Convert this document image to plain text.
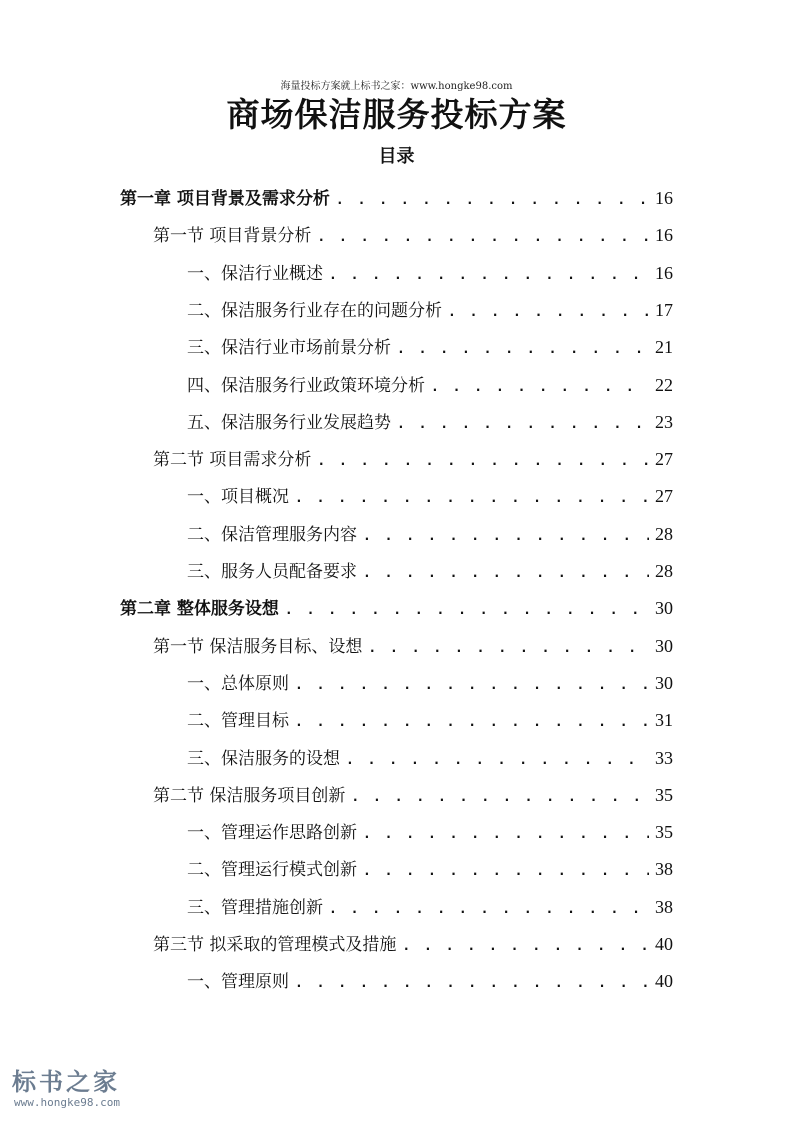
海量投标方案就上标书之家：www.hongke98.com
商场保洁服务投标方案
目录
第一章 项目背景及需求分析 . . .	16
第一节 项目背景分析 . . .	16
一、保洁行业概述 . . .	16
二、保洁服务行业存在的问题分析 . . .	17
三、保洁行业市场前景分析 . . .	21
四、保洁服务行业政策环境分析 . . .	22
五、保洁服务行业发展趋势 . . .	23
第二节 项目需求分析 . . .	27
一、项目概况 . . .	27
二、保洁管理服务内容 . . .	28
三、服务人员配备要求 . . .	28
第二章 整体服务设想 . . .	30
第一节 保洁服务目标、设想 . . .	30
一、总体原则 . . .	30
二、管理目标 . . .	31
三、保洁服务的设想 . . .	33
第二节 保洁服务项目创新 . . .	35
一、管理运作思路创新 . . .	35
二、管理运行模式创新 . . .	38
三、管理措施创新 . . .	38
第三节 拟采取的管理模式及措施 . . .	40
一、管理原则 . . .	40
标书之家
www.hongke98.com
